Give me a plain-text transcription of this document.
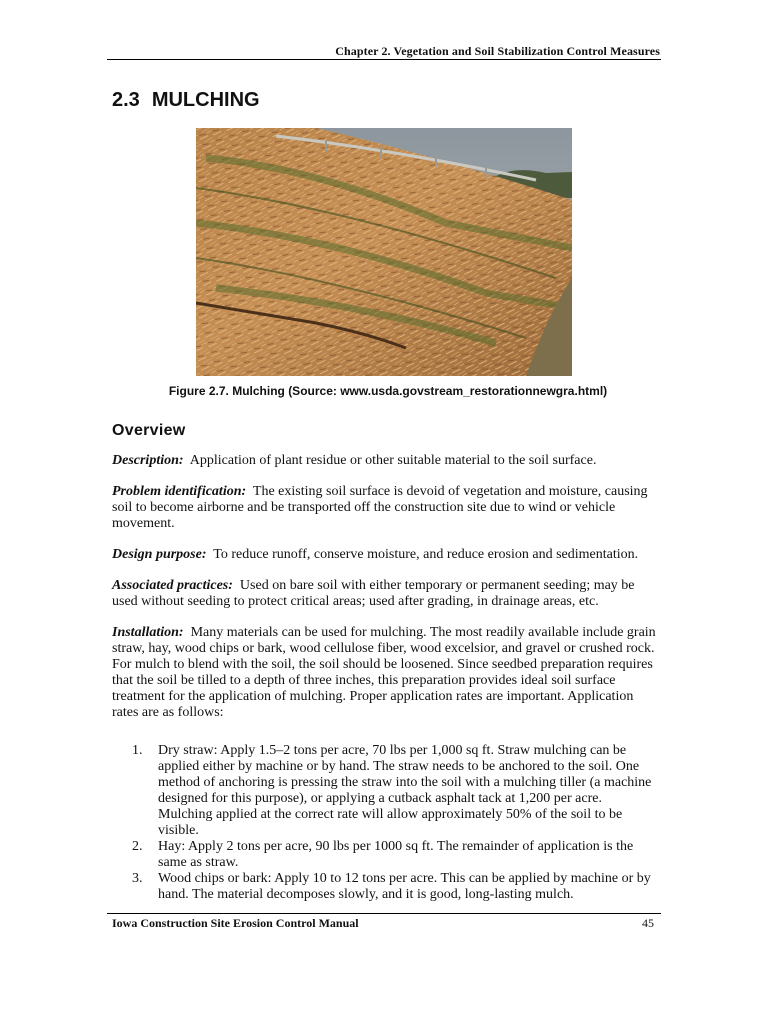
Chapter 2. Vegetation and Soil Stabilization Control Measures
2.3 MULCHING
Figure 2.7. Mulching (Source: www.usda.govstream_restorationnewgra.html)
Overview

Description: Application of plant residue or other suitable material to the soil surface.

Problem identification: The existing soil surface is devoid of vegetation and moisture, causing soil to become airborne and be transported off the construction site due to wind or vehicle movement.

Design purpose: To reduce runoff, conserve moisture, and reduce erosion and sedimentation.

Associated practices: Used on bare soil with either temporary or permanent seeding; may be used without seeding to protect critical areas; used after grading, in drainage areas, etc.

Installation: Many materials can be used for mulching. The most readily available include grain straw, hay, wood chips or bark, wood cellulose fiber, wood excelsior, and gravel or crushed rock. For mulch to blend with the soil, the soil should be loosened. Since seedbed preparation requires that the soil be tilled to a depth of three inches, this preparation provides ideal soil surface treatment for the application of mulching. Proper application rates are important. Application rates are as follows:

1.	Dry straw: Apply 1.5–2 tons per acre, 70 lbs per 1,000 sq ft. Straw mulching can be applied either by machine or by hand. The straw needs to be anchored to the soil. One method of anchoring is pressing the straw into the soil with a mulching tiller (a machine designed for this purpose), or applying a cutback asphalt tack at 1,200 per acre. Mulching applied at the correct rate will allow approximately 50% of the soil to be visible.
2.	Hay: Apply 2 tons per acre, 90 lbs per 1000 sq ft. The remainder of application is the same as straw.
3.	Wood chips or bark: Apply 10 to 12 tons per acre. This can be applied by machine or by hand. The material decomposes slowly, and it is good, long-lasting mulch.
Iowa Construction Site Erosion Control Manual	45
